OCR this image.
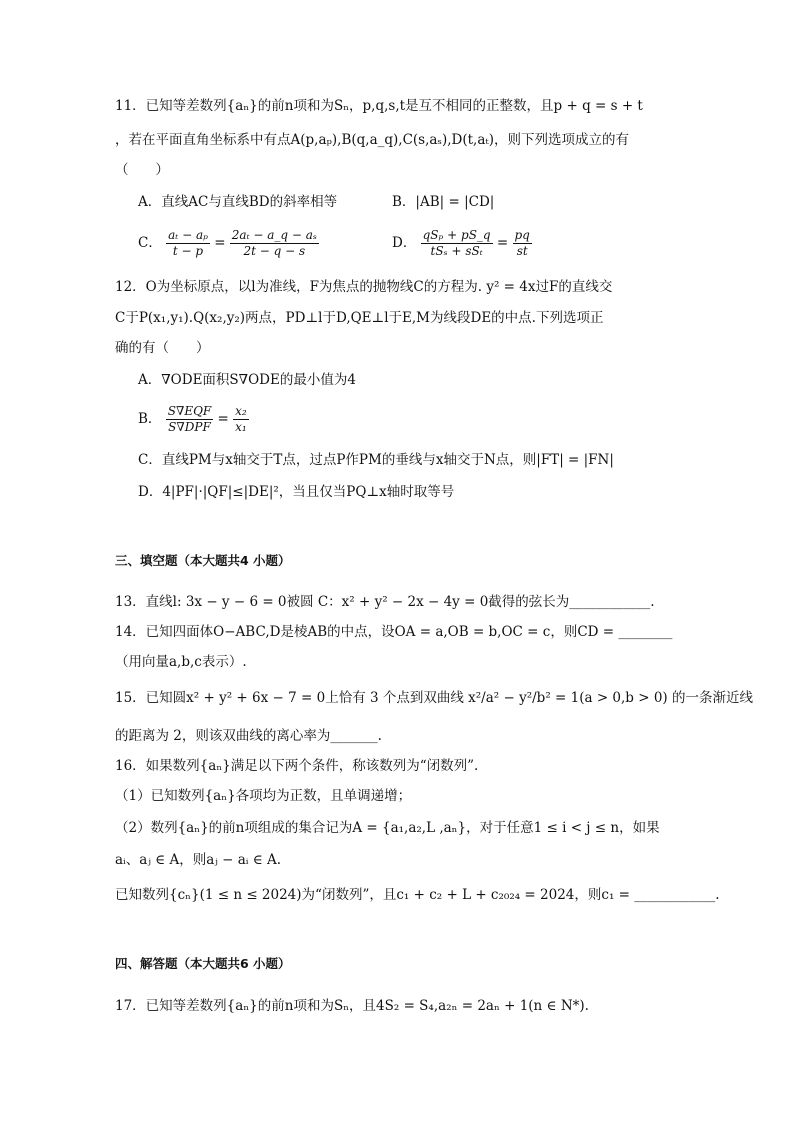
11．已知等差数列{aₙ}的前n项和为Sₙ，p,q,s,t是互不相同的正整数，且p + q = s + t
，若在平面直角坐标系中有点A(p,aₚ),B(q,a_q),C(s,aₛ),D(t,aₜ)，则下列选项成立的有
（　　）
A．直线AC与直线BD的斜率相等	B．|AB| = |CD|
C． $\frac{\text{aₜ − aₚ}}{t - p} = \frac{\text{2aₜ − a\_q − aₛ}}{2t - q - s}$	D． $\frac{\text{qSₚ + pS\_q}}{\text{tSₛ + sSₜ}} = \frac{pq}{st}$
12．O为坐标原点，以l为准线，F为焦点的抛物线C的方程为. y² = 4x过F的直线交
C于P(x₁,y₁).Q(x₂,y₂)两点，PD⊥l于D,QE⊥l于E,M为线段DE的中点.下列选项正
确的有（　　）
A．∇ODE面积S∇ODE的最小值为4
B． $\frac{\text{S∇EQF}}{\text{S∇DPF}} = \frac{\text{x₂}}{\text{x₁}}$
C．直线PM与x轴交于T点，过点P作PM的垂线与x轴交于N点，则|FT| = |FN|
D．4|PF|·|QF|≤|DE|²，当且仅当PQ⊥x轴时取等号
三、填空题（本大题共4 小题）
13．直线l: 3x − y − 6 = 0被圆 C：x² + y² − 2x − 4y = 0截得的弦长为____________.
14．已知四面体O−ABC,D是棱AB的中点，设OA = a,OB = b,OC = c，则CD = ________
（用向量a,b,c表示）.
15．已知圆x² + y² + 6x − 7 = 0上恰有 3 个点到双曲线 x²/a² − y²/b² = 1(a > 0,b > 0) 的一条渐近线
的距离为 2，则该双曲线的离心率为_______.
16．如果数列{aₙ}满足以下两个条件，称该数列为“闭数列”.
（1）已知数列{aₙ}各项均为正数，且单调递增；
（2）数列{aₙ}的前n项组成的集合记为A = {a₁,a₂,L ,aₙ}，对于任意1 ≤ i < j ≤ n，如果
aᵢ、aⱼ ∈ A，则aⱼ − aᵢ ∈ A.
已知数列{cₙ}(1 ≤ n ≤ 2024)为“闭数列”，且c₁ + c₂ + L + c₂₀₂₄ = 2024，则c₁ = ____________.
四、解答题（本大题共6 小题）
17．已知等差数列{aₙ}的前n项和为Sₙ，且4S₂ = S₄,a₂ₙ = 2aₙ + 1(n ∈ N*).
